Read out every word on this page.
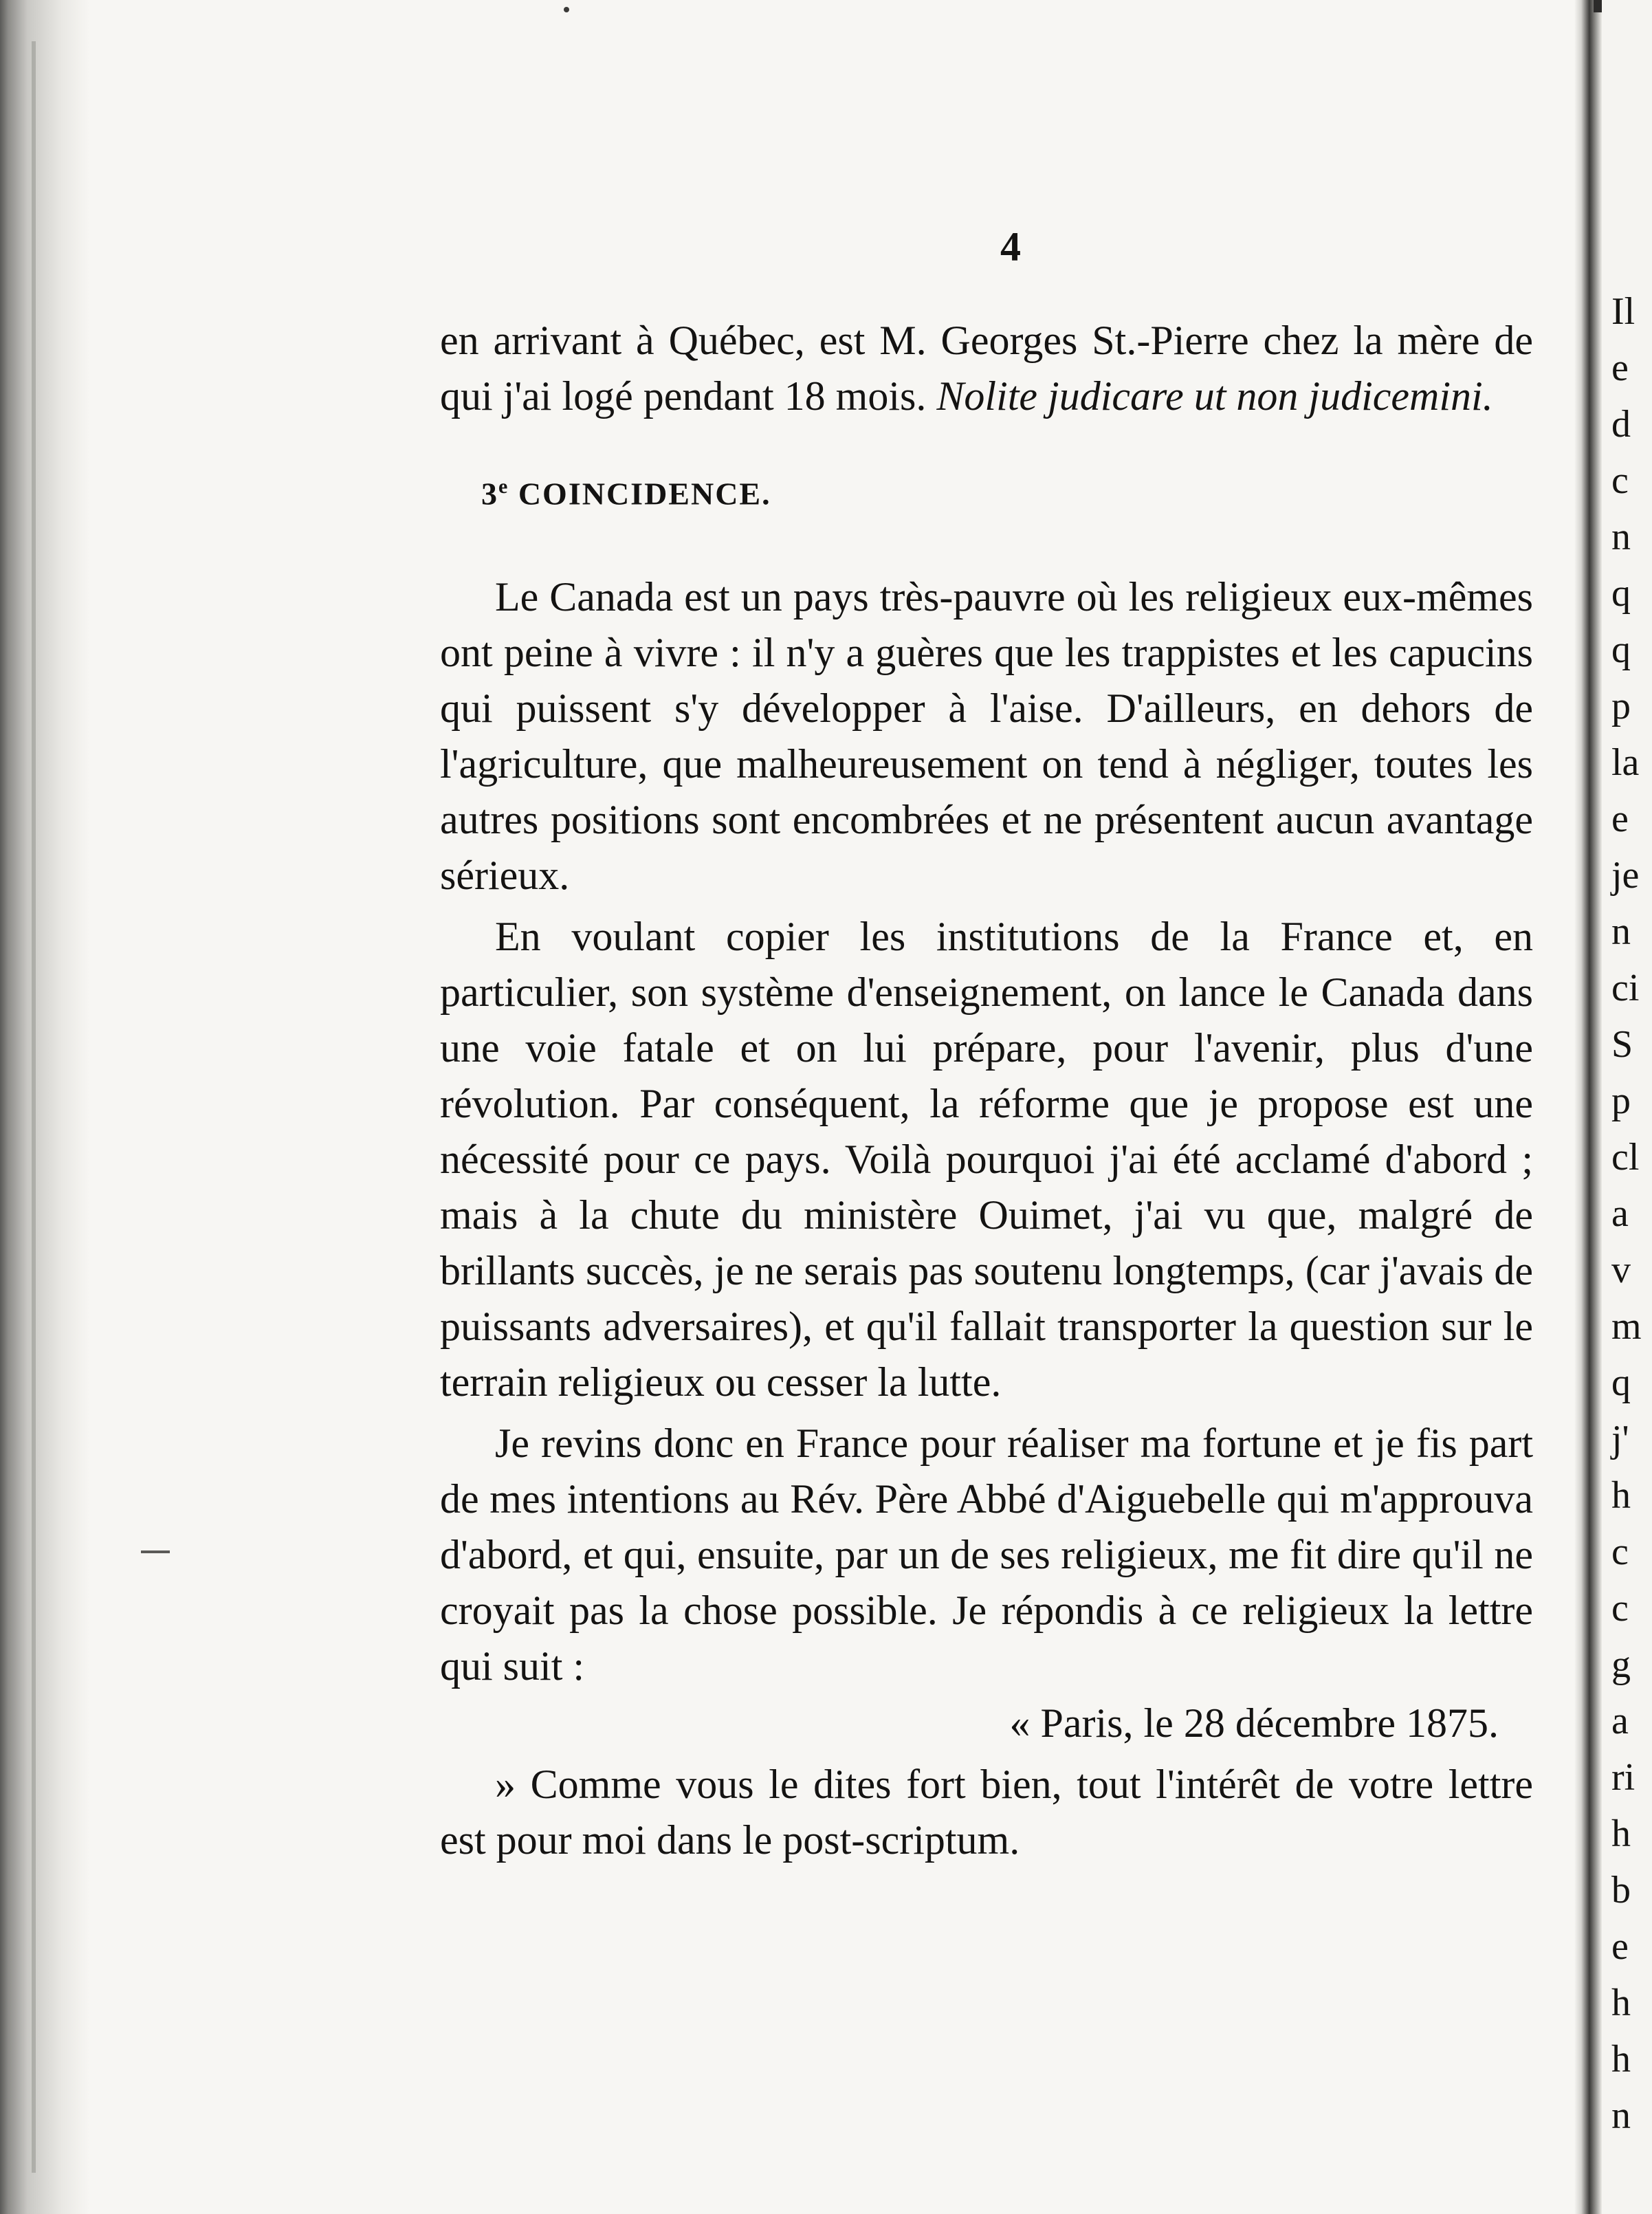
4

en arrivant à Québec, est M. Georges St.-Pierre chez la mère de qui j'ai logé pendant 18 mois. Nolite judicare ut non judicemini.

3e COINCIDENCE.

Le Canada est un pays très-pauvre où les religieux eux-mêmes ont peine à vivre : il n'y a guères que les trappistes et les capucins qui puissent s'y développer à l'aise. D'ailleurs, en dehors de l'agriculture, que malheureusement on tend à négliger, toutes les autres positions sont encombrées et ne présentent aucun avantage sérieux.

En voulant copier les institutions de la France et, en particulier, son système d'enseignement, on lance le Canada dans une voie fatale et on lui prépare, pour l'avenir, plus d'une révolution. Par conséquent, la réforme que je propose est une nécessité pour ce pays. Voilà pourquoi j'ai été acclamé d'abord ; mais à la chute du ministère Ouimet, j'ai vu que, malgré de brillants succès, je ne serais pas soutenu longtemps, (car j'avais de puissants adversaires), et qu'il fallait transporter la question sur le terrain religieux ou cesser la lutte.

Je revins donc en France pour réaliser ma fortune et je fis part de mes intentions au Rév. Père Abbé d'Aiguebelle qui m'approuva d'abord, et qui, ensuite, par un de ses religieux, me fit dire qu'il ne croyait pas la chose possible. Je répondis à ce religieux la lettre qui suit :

« Paris, le 28 décembre 1875.

» Comme vous le dites fort bien, tout l'intérêt de votre lettre est pour moi dans le post-scriptum.

Il
e
d
c
n
q
q
p
la
e
je
n
ci
S
p
cl
a
v
m
q
j'
h
c
c
g
a
ri
h
b
e
h
h
n
